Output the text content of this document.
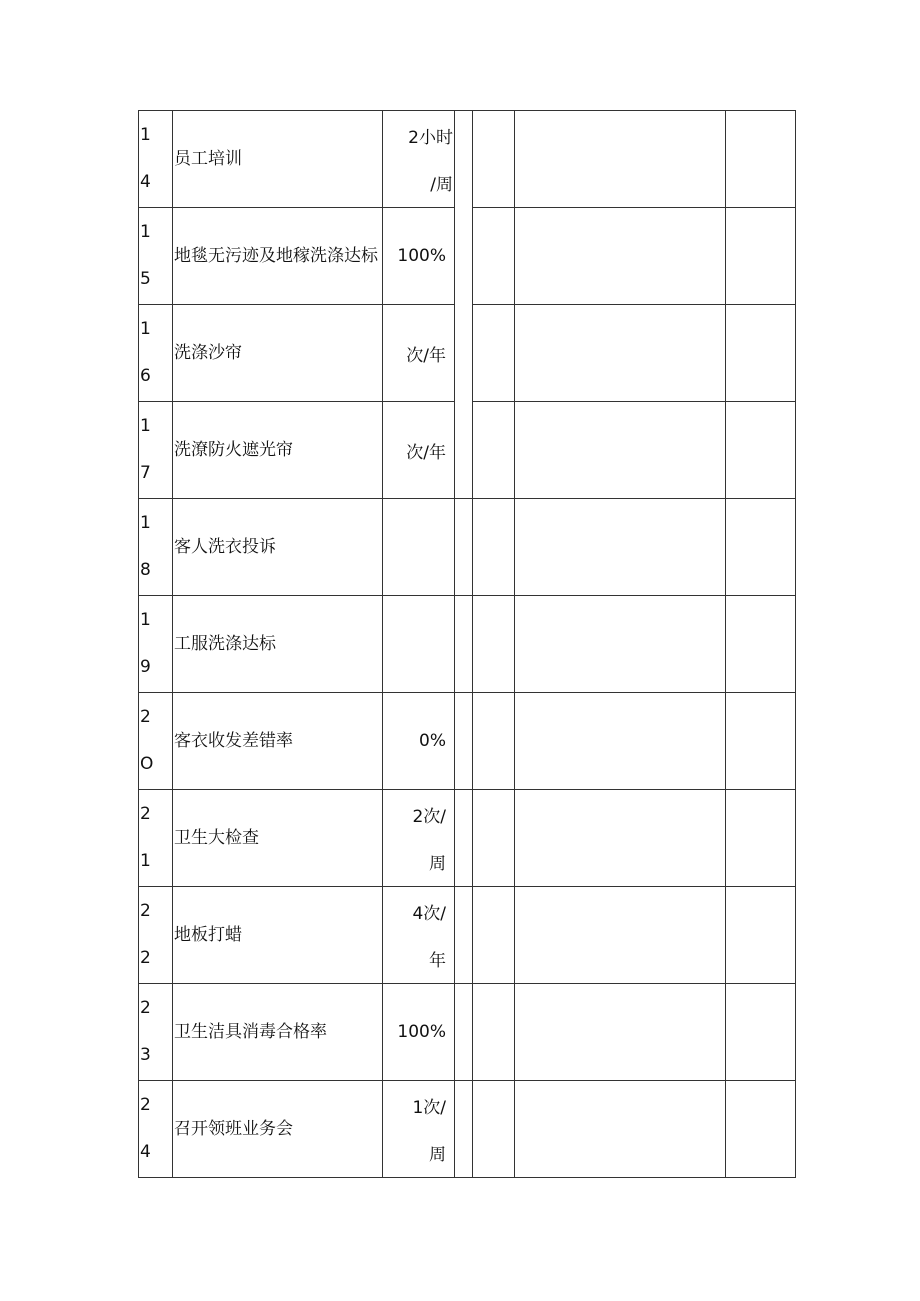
1
4	员工培训	2小时
/周				

1
5	地毯无污迹及地稼洗涤达标	100%				

1
6	洗涤沙帘	次/年				

1
7	洗潦防火遮光帘	次/年				

1
8	客人洗衣投诉					

1
9	工服洗涤达标					

2
O	客衣收发差错率	0%				

2
1	卫生大检查	2次/
周				

2
2	地板打蜡	4次/
年				

2
3	卫生洁具消毒合格率	100%				

2
4	召开领班业务会	1次/
周				
